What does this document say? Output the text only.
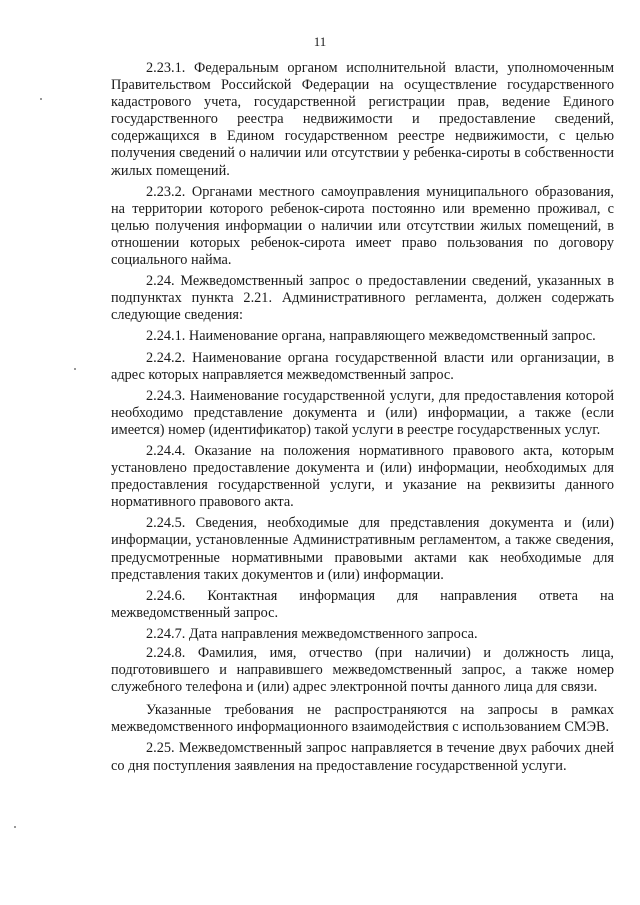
11

2.23.1. Федеральным органом исполнительной власти, уполномоченным Правительством Российской Федерации на осуществление государственного кадастрового учета, государственной регистрации прав, ведение Единого государственного реестра недвижимости и предоставление сведений, содержащихся в Едином государственном реестре недвижимости, с целью получения сведений о наличии или отсутствии у ребенка-сироты в собственности жилых помещений.

2.23.2. Органами местного самоуправления муниципального образования, на территории которого ребенок-сирота постоянно или временно проживал, с целью получения информации о наличии или отсутствии жилых помещений, в отношении которых ребенок-сирота имеет право пользования по договору социального найма.

2.24. Межведомственный запрос о предоставлении сведений, указанных в подпунктах пункта 2.21. Административного регламента, должен содержать следующие сведения:

2.24.1. Наименование органа, направляющего межведомственный запрос.

2.24.2. Наименование органа государственной власти или организации, в адрес которых направляется межведомственный запрос.

2.24.3. Наименование государственной услуги, для предоставления которой необходимо представление документа и (или) информации, а также (если имеется) номер (идентификатор) такой услуги в реестре государственных услуг.

2.24.4. Оказание на положения нормативного правового акта, которым установлено предоставление документа и (или) информации, необходимых для предоставления государственной услуги, и указание на реквизиты данного нормативного правового акта.

2.24.5. Сведения, необходимые для представления документа и (или) информации, установленные Административным регламентом, а также сведения, предусмотренные нормативными правовыми актами как необходимые для представления таких документов и (или) информации.

2.24.6. Контактная информация для направления ответа на межведомственный запрос.

2.24.7. Дата направления межведомственного запроса.

2.24.8. Фамилия, имя, отчество (при наличии) и должность лица, подготовившего и направившего межведомственный запрос, а также номер служебного телефона и (или) адрес электронной почты данного лица для связи.

Указанные требования не распространяются на запросы в рамках межведомственного информационного взаимодействия с использованием СМЭВ.

2.25. Межведомственный запрос направляется в течение двух рабочих дней со дня поступления заявления на предоставление государственной услуги.
